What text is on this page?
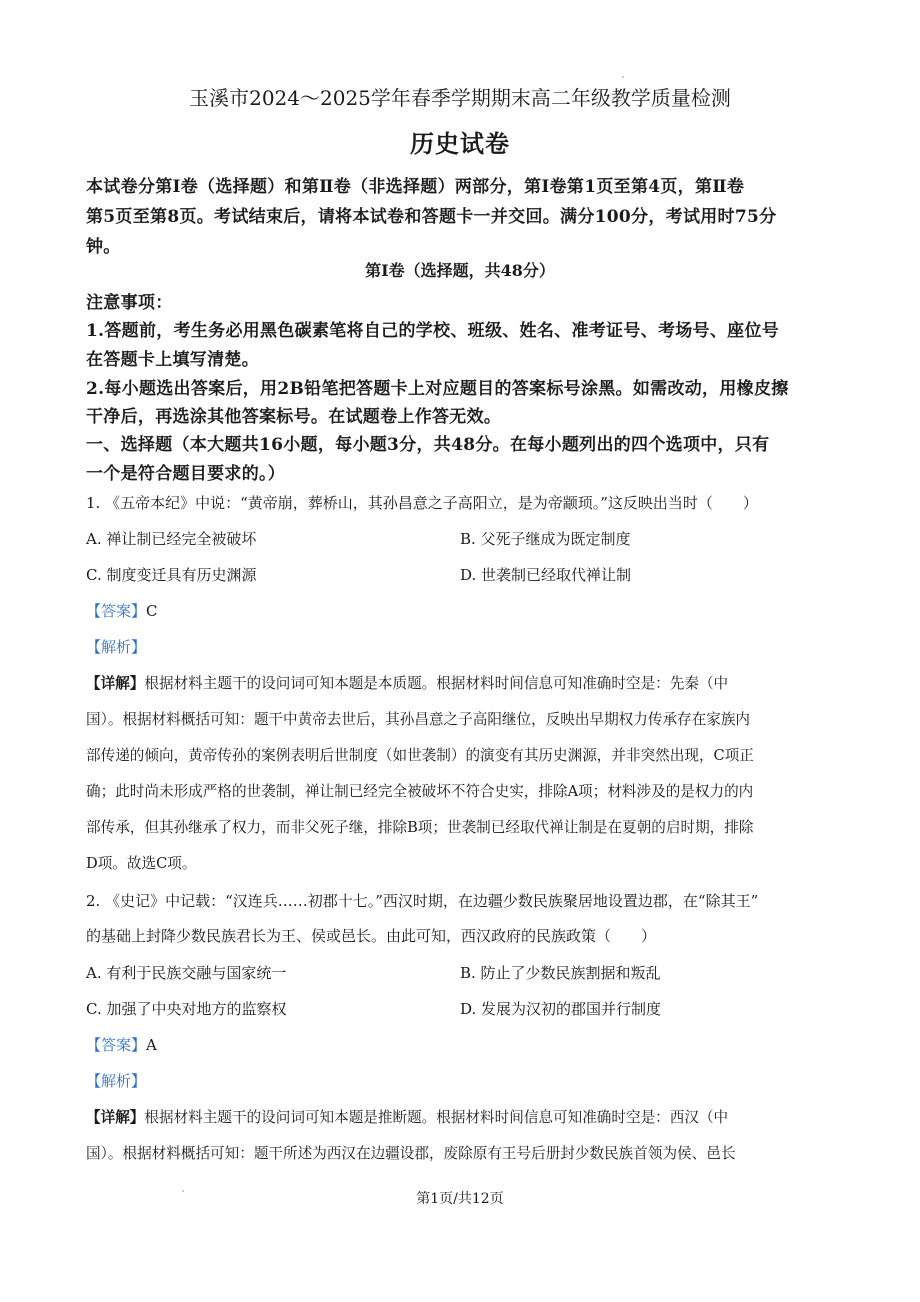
玉溪市2024～2025学年春季学期期末高二年级教学质量检测
历史试卷
本试卷分第Ⅰ卷（选择题）和第Ⅱ卷（非选择题）两部分，第Ⅰ卷第1页至第4页，第Ⅱ卷
第5页至第8页。考试结束后，请将本试卷和答题卡一并交回。满分100分，考试用时75分
钟。
第Ⅰ卷（选择题，共48分）
注意事项：
1.答题前，考生务必用黑色碳素笔将自己的学校、班级、姓名、准考证号、考场号、座位号
在答题卡上填写清楚。
2.每小题选出答案后，用2B铅笔把答题卡上对应题目的答案标号涂黑。如需改动，用橡皮擦
干净后，再选涂其他答案标号。在试题卷上作答无效。
一、选择题（本大题共16小题，每小题3分，共48分。在每小题列出的四个选项中，只有
一个是符合题目要求的。）
1. 《五帝本纪》中说：“黄帝崩，葬桥山，其孙昌意之子高阳立，是为帝颛顼。”这反映出当时（　　）
A. 禅让制已经完全被破坏	B. 父死子继成为既定制度
C. 制度变迁具有历史渊源	D. 世袭制已经取代禅让制
【答案】C
【解析】
【详解】根据材料主题干的设问词可知本题是本质题。根据材料时间信息可知准确时空是：先秦（中
国）。根据材料概括可知：题干中黄帝去世后，其孙昌意之子高阳继位，反映出早期权力传承存在家族内
部传递的倾向，黄帝传孙的案例表明后世制度（如世袭制）的演变有其历史渊源，并非突然出现，C项正
确；此时尚未形成严格的世袭制，禅让制已经完全被破坏不符合史实，排除A项；材料涉及的是权力的内
部传承，但其孙继承了权力，而非父死子继，排除B项；世袭制已经取代禅让制是在夏朝的启时期，排除
D项。故选C项。
2. 《史记》中记载：“汉连兵……初郡十七。”西汉时期，在边疆少数民族聚居地设置边郡，在“除其王”
的基础上封降少数民族君长为王、侯或邑长。由此可知，西汉政府的民族政策（　　）
A. 有利于民族交融与国家统一	B. 防止了少数民族割据和叛乱
C. 加强了中央对地方的监察权	D. 发展为汉初的郡国并行制度
【答案】A
【解析】
【详解】根据材料主题干的设问词可知本题是推断题。根据材料时间信息可知准确时空是：西汉（中
国）。根据材料概括可知：题干所述为西汉在边疆设郡，废除原有王号后册封少数民族首领为侯、邑长
第1页/共12页
